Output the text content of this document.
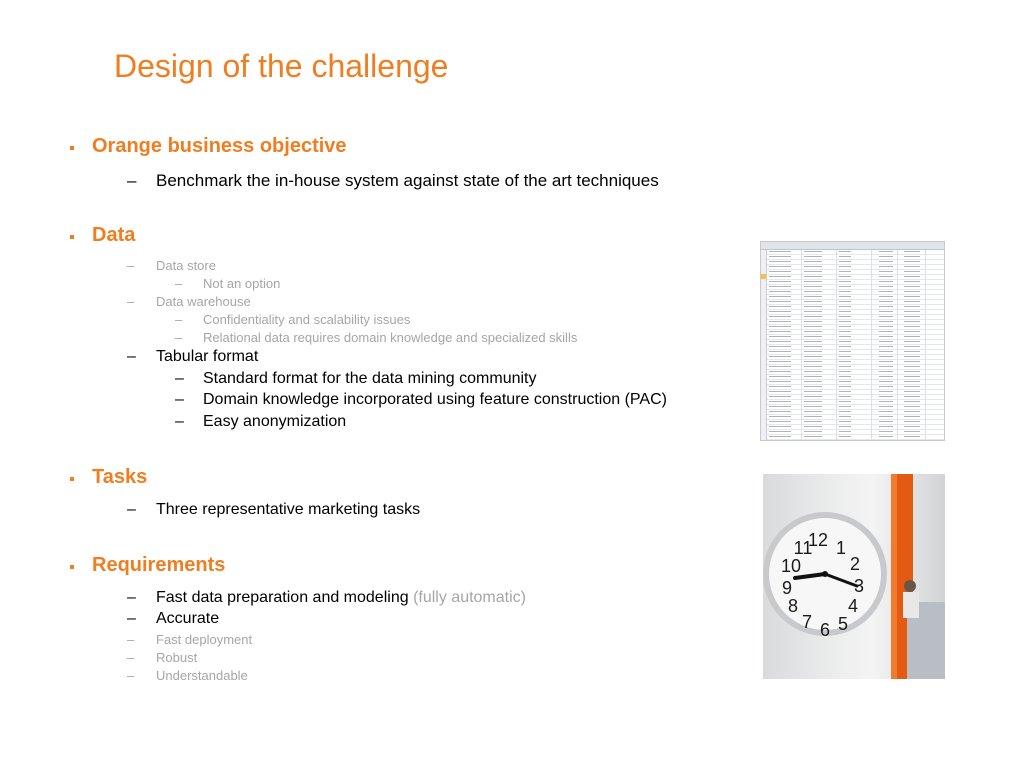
Design of the challenge
Orange business objective
– Benchmark the in-house system against state of the art techniques
Data
– Data store
– Not an option
– Data warehouse
– Confidentiality and scalability issues
– Relational data requires domain knowledge and specialized skills
– Tabular format
– Standard format for the data mining community
– Domain knowledge incorporated using feature construction (PAC)
– Easy anonymization
Tasks
– Three representative marketing tasks
Requirements
– Fast data preparation and modeling (fully automatic)
– Accurate
– Fast deployment
– Robust
– Understandable
12 1
2
3
4
5
6
7
8
9
10
11
